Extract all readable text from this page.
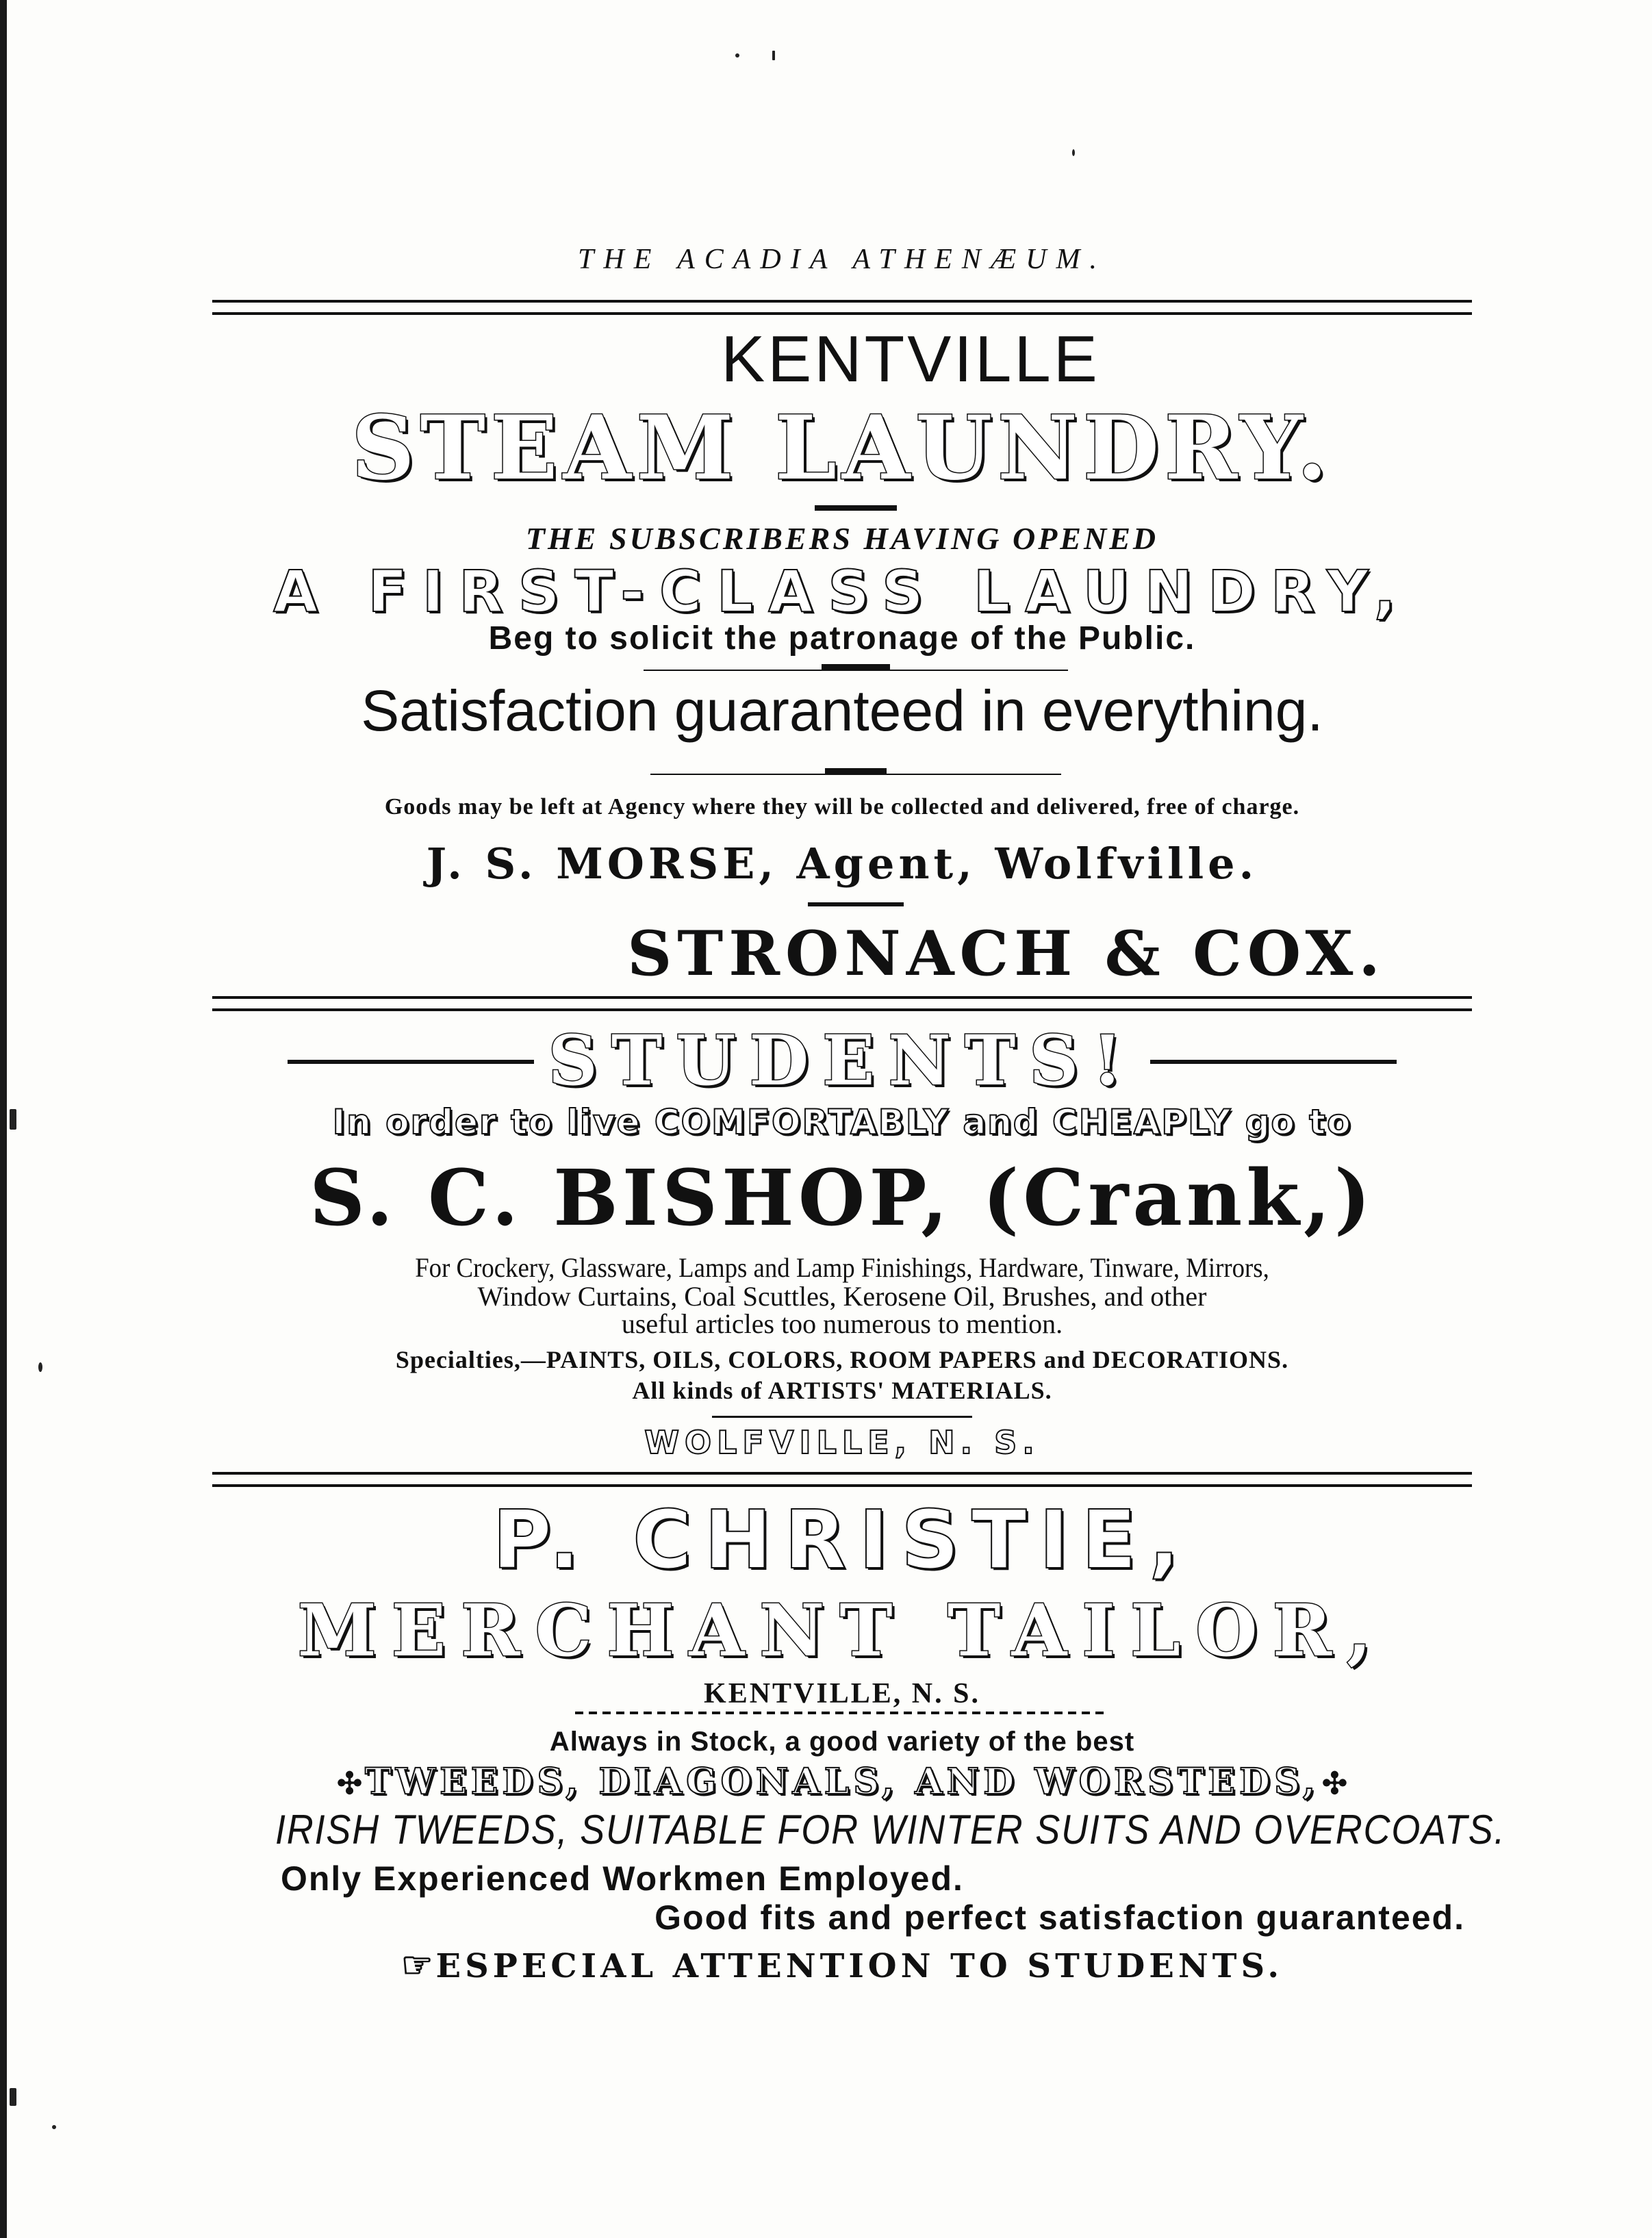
THE ACADIA ATHENÆUM.
KENTVILLE
STEAM LAUNDRY.
THE SUBSCRIBERS HAVING OPENED
A FIRST-CLASS LAUNDRY,
Beg to solicit the patronage of the Public.
Satisfaction guaranteed in everything.
Goods may be left at Agency where they will be collected and delivered, free of charge.
J. S. MORSE, Agent, Wolfville.
STRONACH & COX.
STUDENTS!
In order to live COMFORTABLY and CHEAPLY go to
S. C. BISHOP, (Crank,)
For Crockery, Glassware, Lamps and Lamp Finishings, Hardware, Tinware, Mirrors,
Window Curtains, Coal Scuttles, Kerosene Oil, Brushes, and other
useful articles too numerous to mention.
Specialties,—PAINTS, OILS, COLORS, ROOM PAPERS and DECORATIONS.
All kinds of ARTISTS' MATERIALS.
WOLFVILLE, N. S.
P. CHRISTIE,
MERCHANT TAILOR,
KENTVILLE, N. S.
Always in Stock, a good variety of the best
✣ TWEEDS, DIAGONALS, AND WORSTEDS, ✣
IRISH TWEEDS, SUITABLE FOR WINTER SUITS AND OVERCOATS.
Only Experienced Workmen Employed.
Good fits and perfect satisfaction guaranteed.
☞ ESPECIAL ATTENTION TO STUDENTS.
